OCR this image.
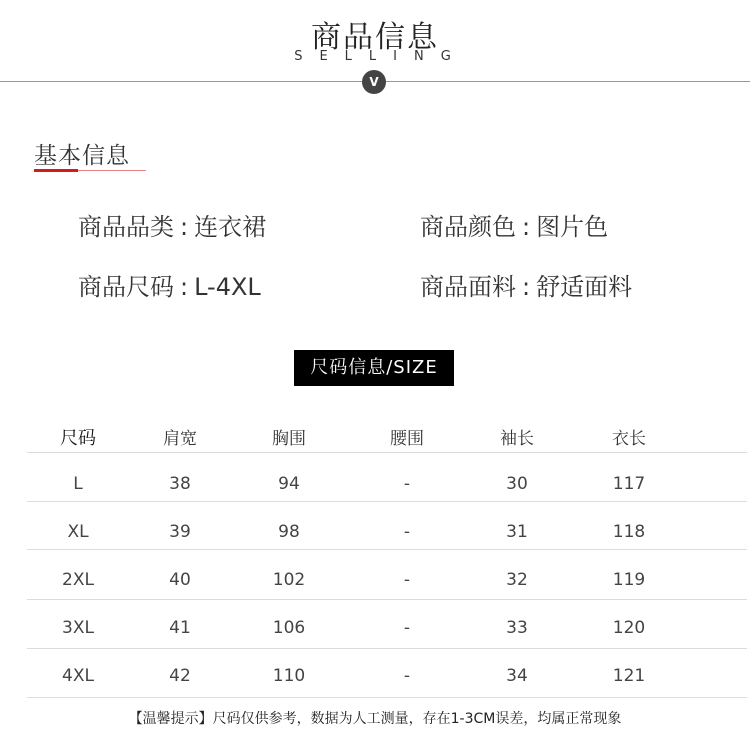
商品信息
SELLING
V
基本信息
商品品类 : 连衣裙	商品颜色 : 图片色
商品尺码 : L-4XL	商品面料 : 舒适面料
尺码信息/SIZE
尺码	肩宽	胸围	腰围	袖长	衣长
L	38	94	-	30	117
XL	39	98	-	31	118
2XL	40	102	-	32	119
3XL	41	106	-	33	120
4XL	42	110	-	34	121
【温馨提示】尺码仅供参考，数据为人工测量，存在1-3CM误差，均属正常现象
